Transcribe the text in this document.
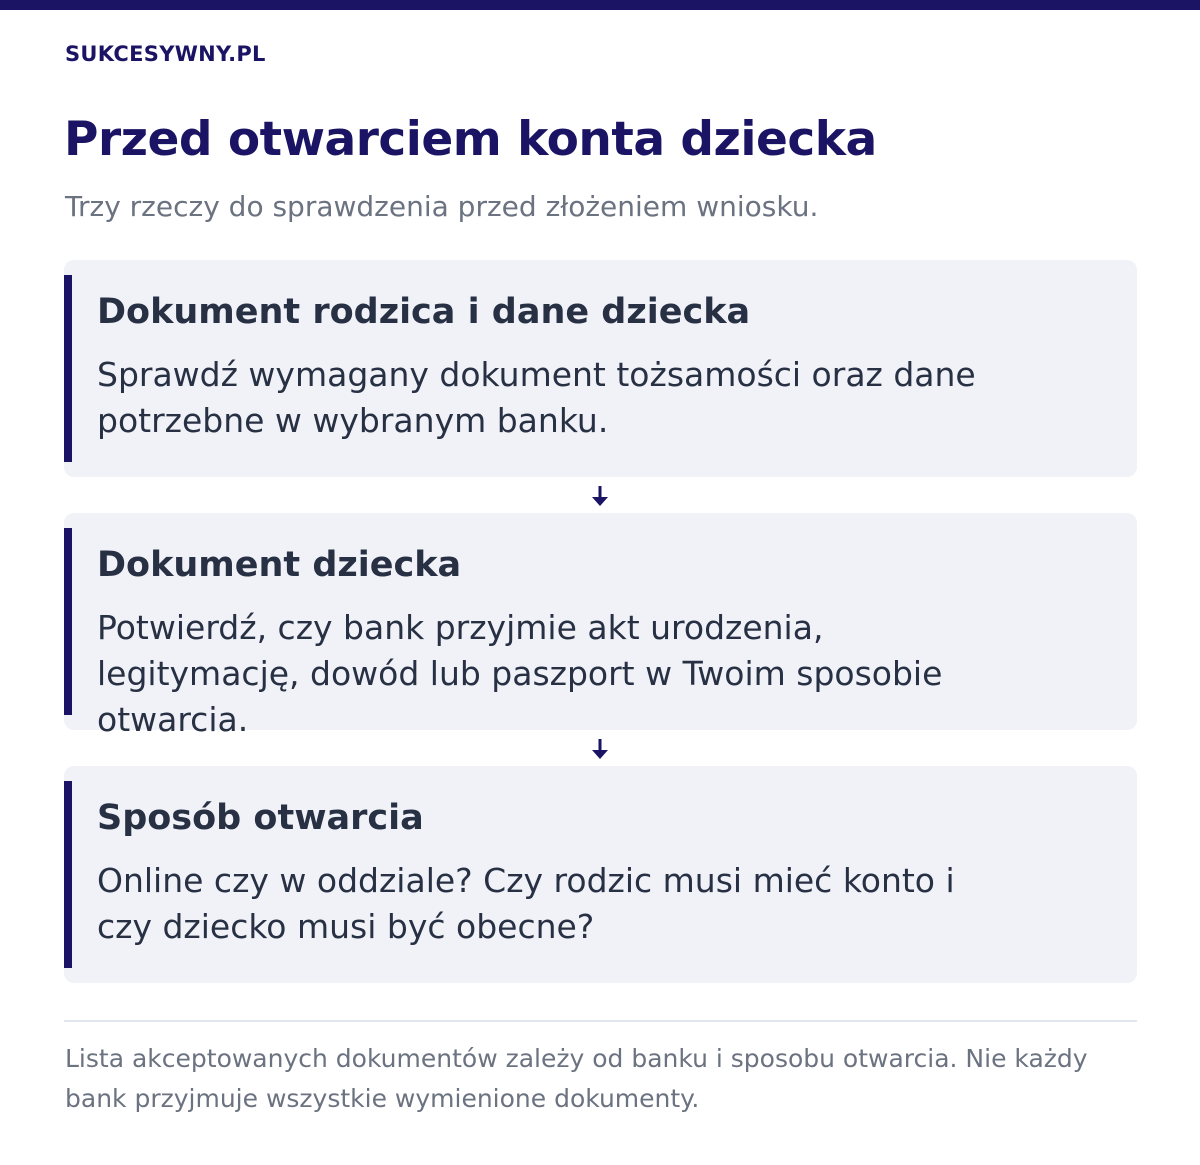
SUKCESYWNY.PL
Przed otwarciem konta dziecka
Trzy rzeczy do sprawdzenia przed złożeniem wniosku.
Dokument rodzica i dane dziecka

Sprawdź wymagany dokument tożsamości oraz dane potrzebne w wybranym banku.

Dokument dziecka

Potwierdź, czy bank przyjmie akt urodzenia, legitymację, dowód lub paszport w Twoim sposobie otwarcia.

Sposób otwarcia

Online czy w oddziale? Czy rodzic musi mieć konto i czy dziecko musi być obecne?

Lista akceptowanych dokumentów zależy od banku i sposobu otwarcia. Nie każdy bank przyjmuje wszystkie wymienione dokumenty.
